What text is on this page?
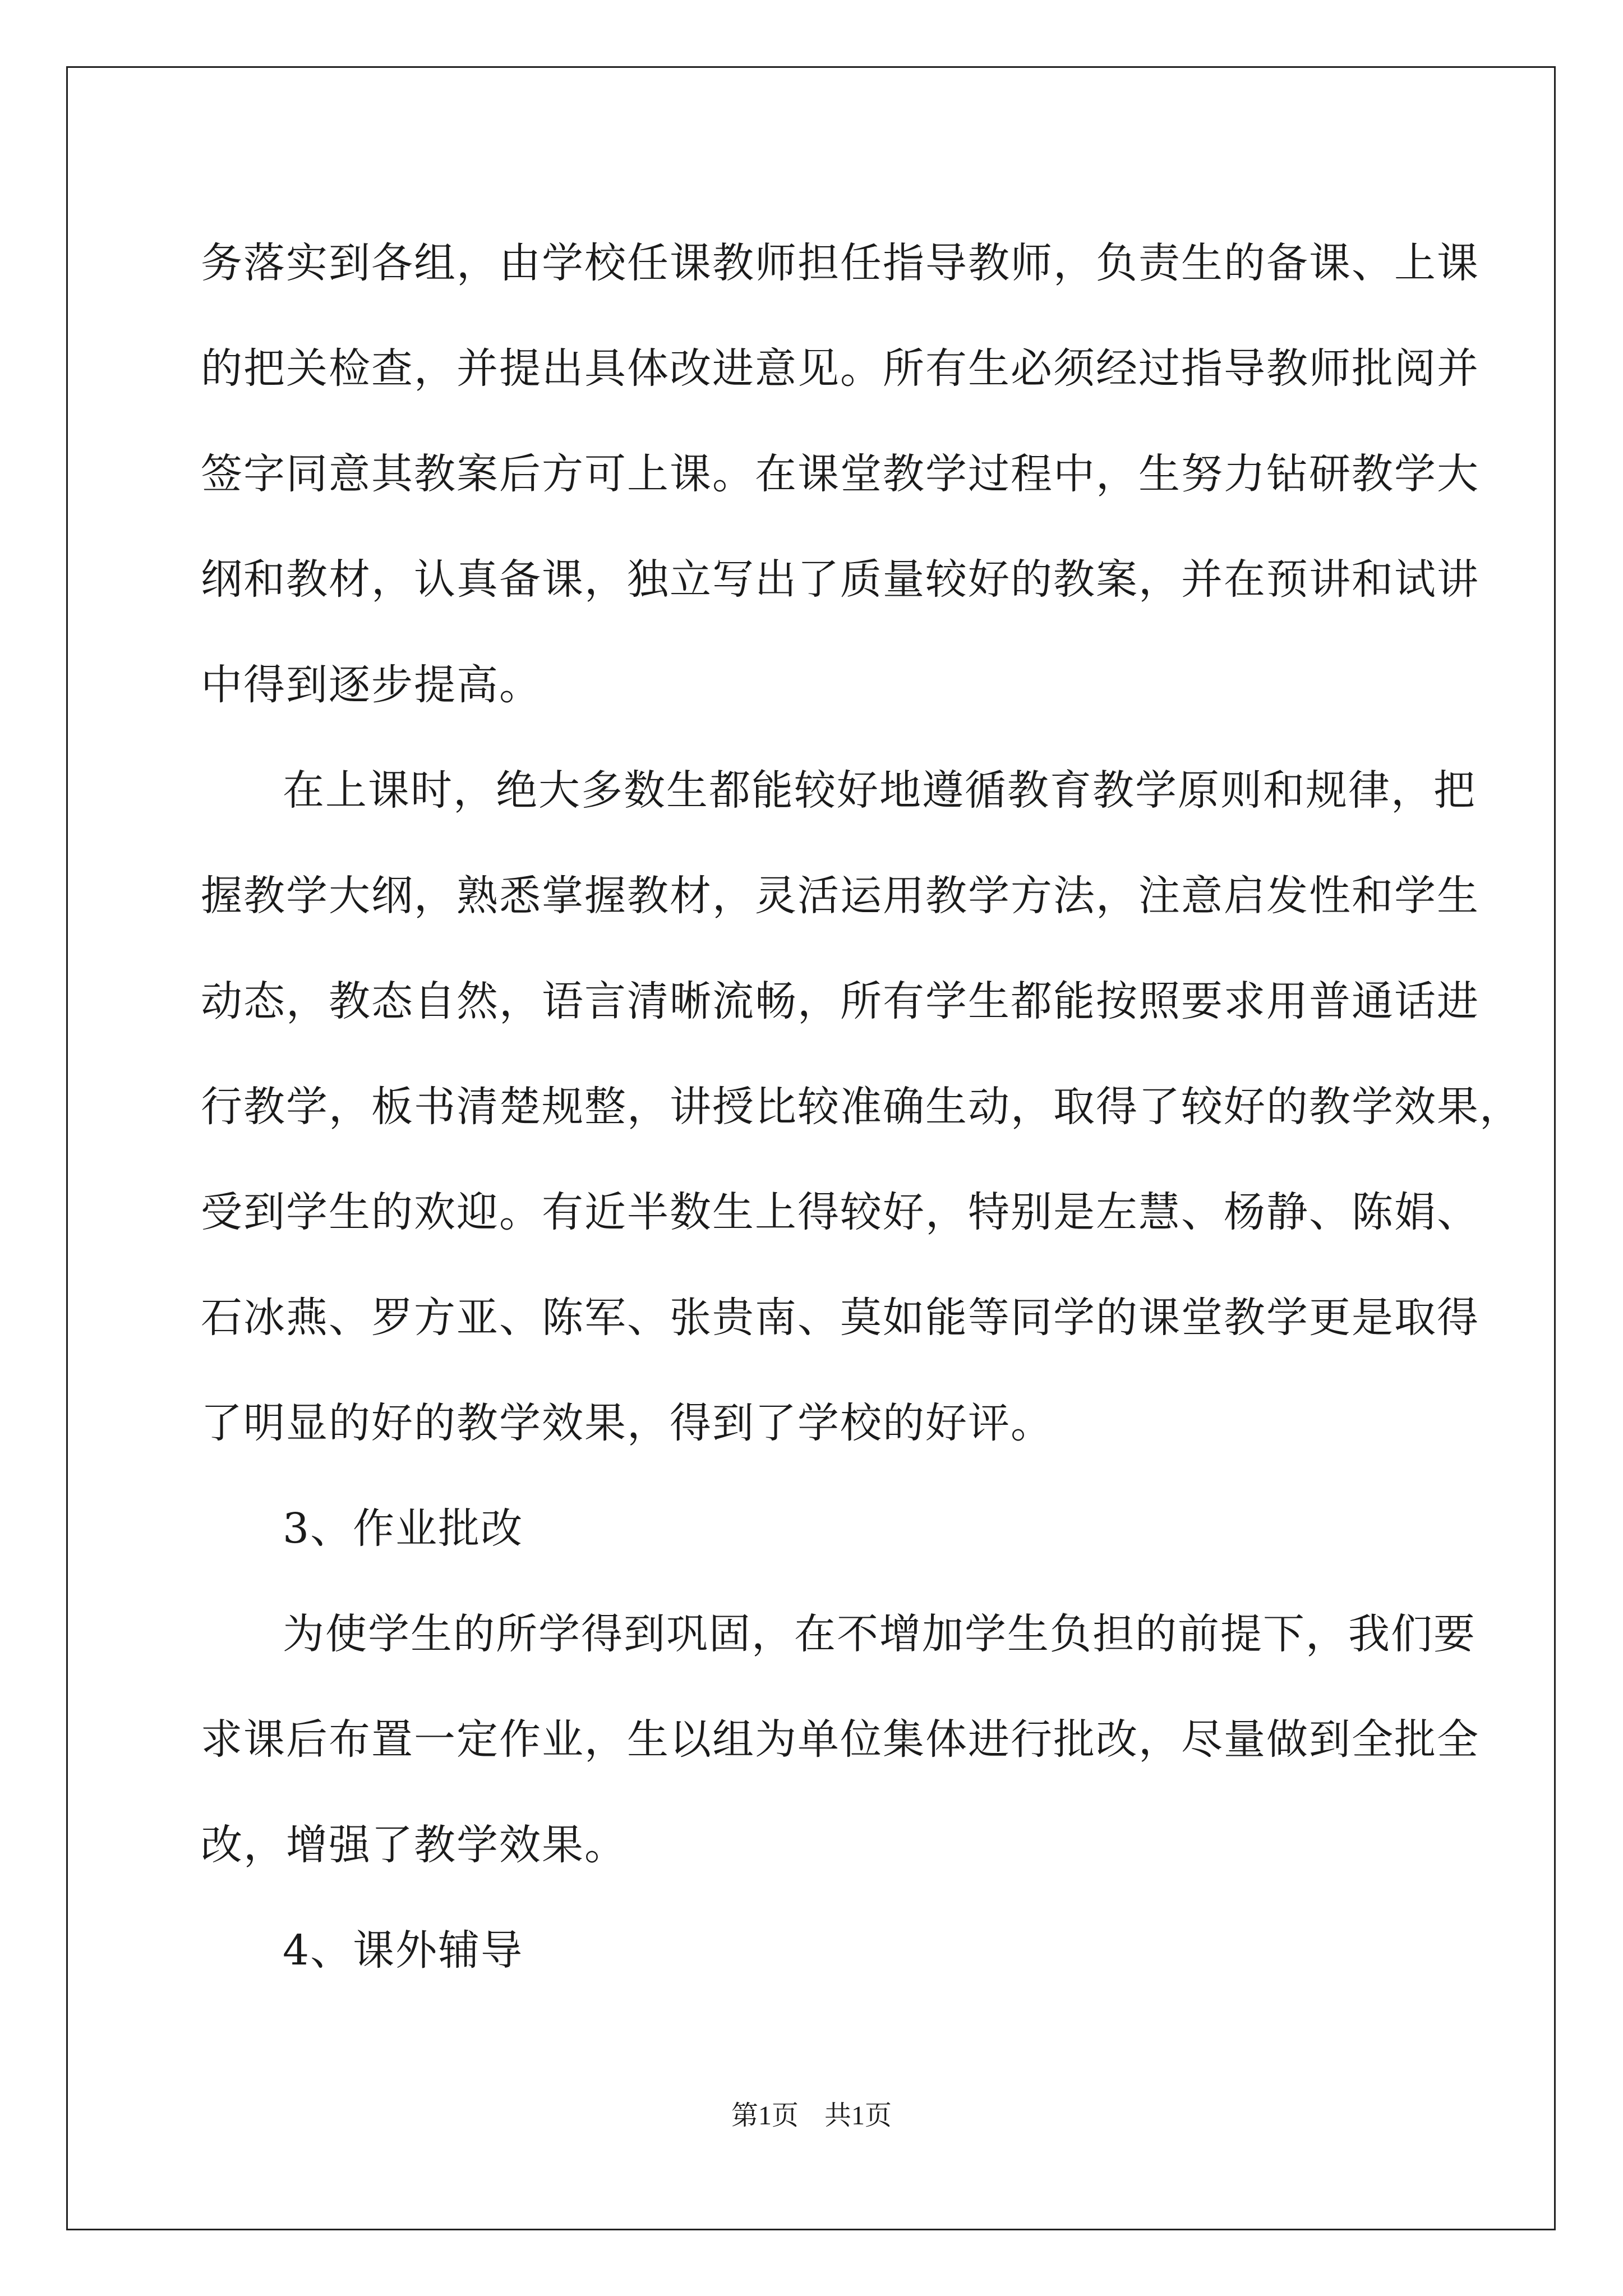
务落实到各组，由学校任课教师担任指导教师，负责生的备课、上课
的把关检查，并提出具体改进意见。所有生必须经过指导教师批阅并
签字同意其教案后方可上课。在课堂教学过程中，生努力钻研教学大
纲和教材，认真备课，独立写出了质量较好的教案，并在预讲和试讲
中得到逐步提高。
在上课时，绝大多数生都能较好地遵循教育教学原则和规律，把
握教学大纲，熟悉掌握教材，灵活运用教学方法，注意启发性和学生
动态，教态自然，语言清晰流畅，所有学生都能按照要求用普通话进
行教学，板书清楚规整，讲授比较准确生动，取得了较好的教学效果，
受到学生的欢迎。有近半数生上得较好，特别是左慧、杨静、陈娟、
石冰燕、罗方亚、陈军、张贵南、莫如能等同学的课堂教学更是取得
了明显的好的教学效果，得到了学校的好评。
3、作业批改
为使学生的所学得到巩固，在不增加学生负担的前提下，我们要
求课后布置一定作业，生以组为单位集体进行批改，尽量做到全批全
改，增强了教学效果。
4、课外辅导
第1页 共1页
